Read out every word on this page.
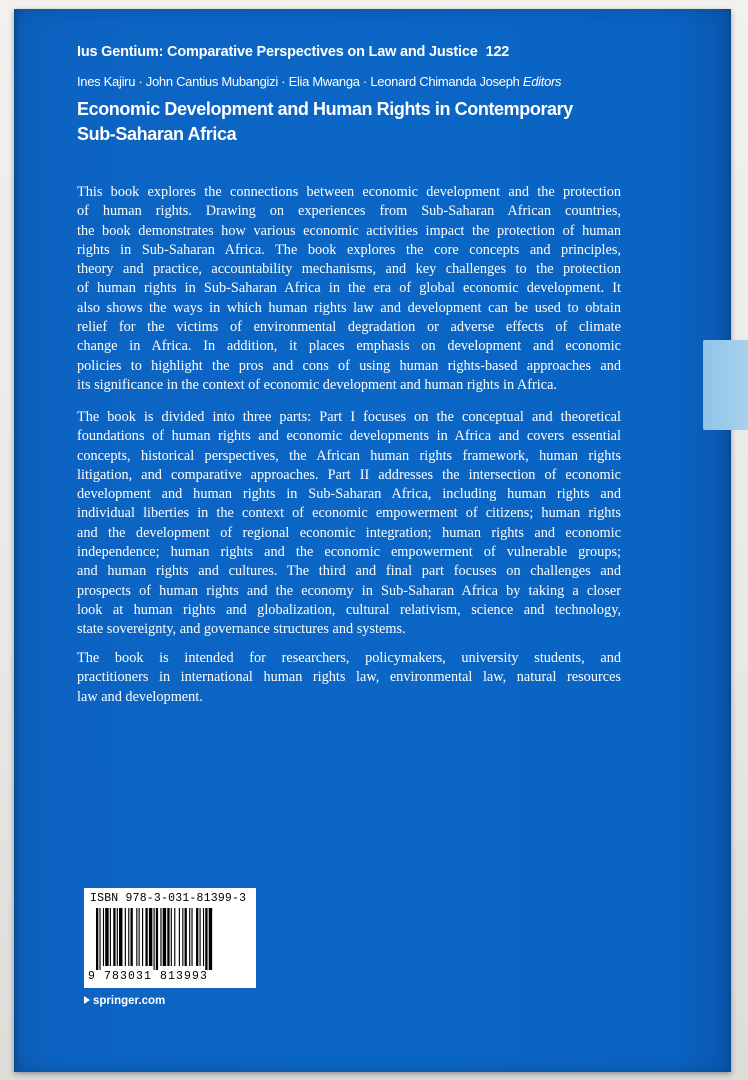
Ius Gentium: Comparative Perspectives on Law and Justice 122
Ines Kajiru · John Cantius Mubangizi · Elia Mwanga · Leonard Chimanda Joseph Editors
Economic Development and Human Rights in Contemporary
Sub-Saharan Africa

This book explores the connections between economic development and the protection
of human rights. Drawing on experiences from Sub-Saharan African countries,
the book demonstrates how various economic activities impact the protection of human
rights in Sub-Saharan Africa. The book explores the core concepts and principles,
theory and practice, accountability mechanisms, and key challenges to the protection
of human rights in Sub-Saharan Africa in the era of global economic development. It
also shows the ways in which human rights law and development can be used to obtain
relief for the victims of environmental degradation or adverse effects of climate
change in Africa. In addition, it places emphasis on development and economic
policies to highlight the pros and cons of using human rights-based approaches and
its significance in the context of economic development and human rights in Africa.

The book is divided into three parts: Part I focuses on the conceptual and theoretical
foundations of human rights and economic developments in Africa and covers essential
concepts, historical perspectives, the African human rights framework, human rights
litigation, and comparative approaches. Part II addresses the intersection of economic
development and human rights in Sub-Saharan Africa, including human rights and
individual liberties in the context of economic empowerment of citizens; human rights
and the development of regional economic integration; human rights and economic
independence; human rights and the economic empowerment of vulnerable groups;
and human rights and cultures. The third and final part focuses on challenges and
prospects of human rights and the economy in Sub-Saharan Africa by taking a closer
look at human rights and globalization, cultural relativism, science and technology,
state sovereignty, and governance structures and systems.

The book is intended for researchers, policymakers, university students, and
practitioners in international human rights law, environmental law, natural resources
law and development.

ISBN 978-3-031-81399-3
9 783031 813993
springer.com
